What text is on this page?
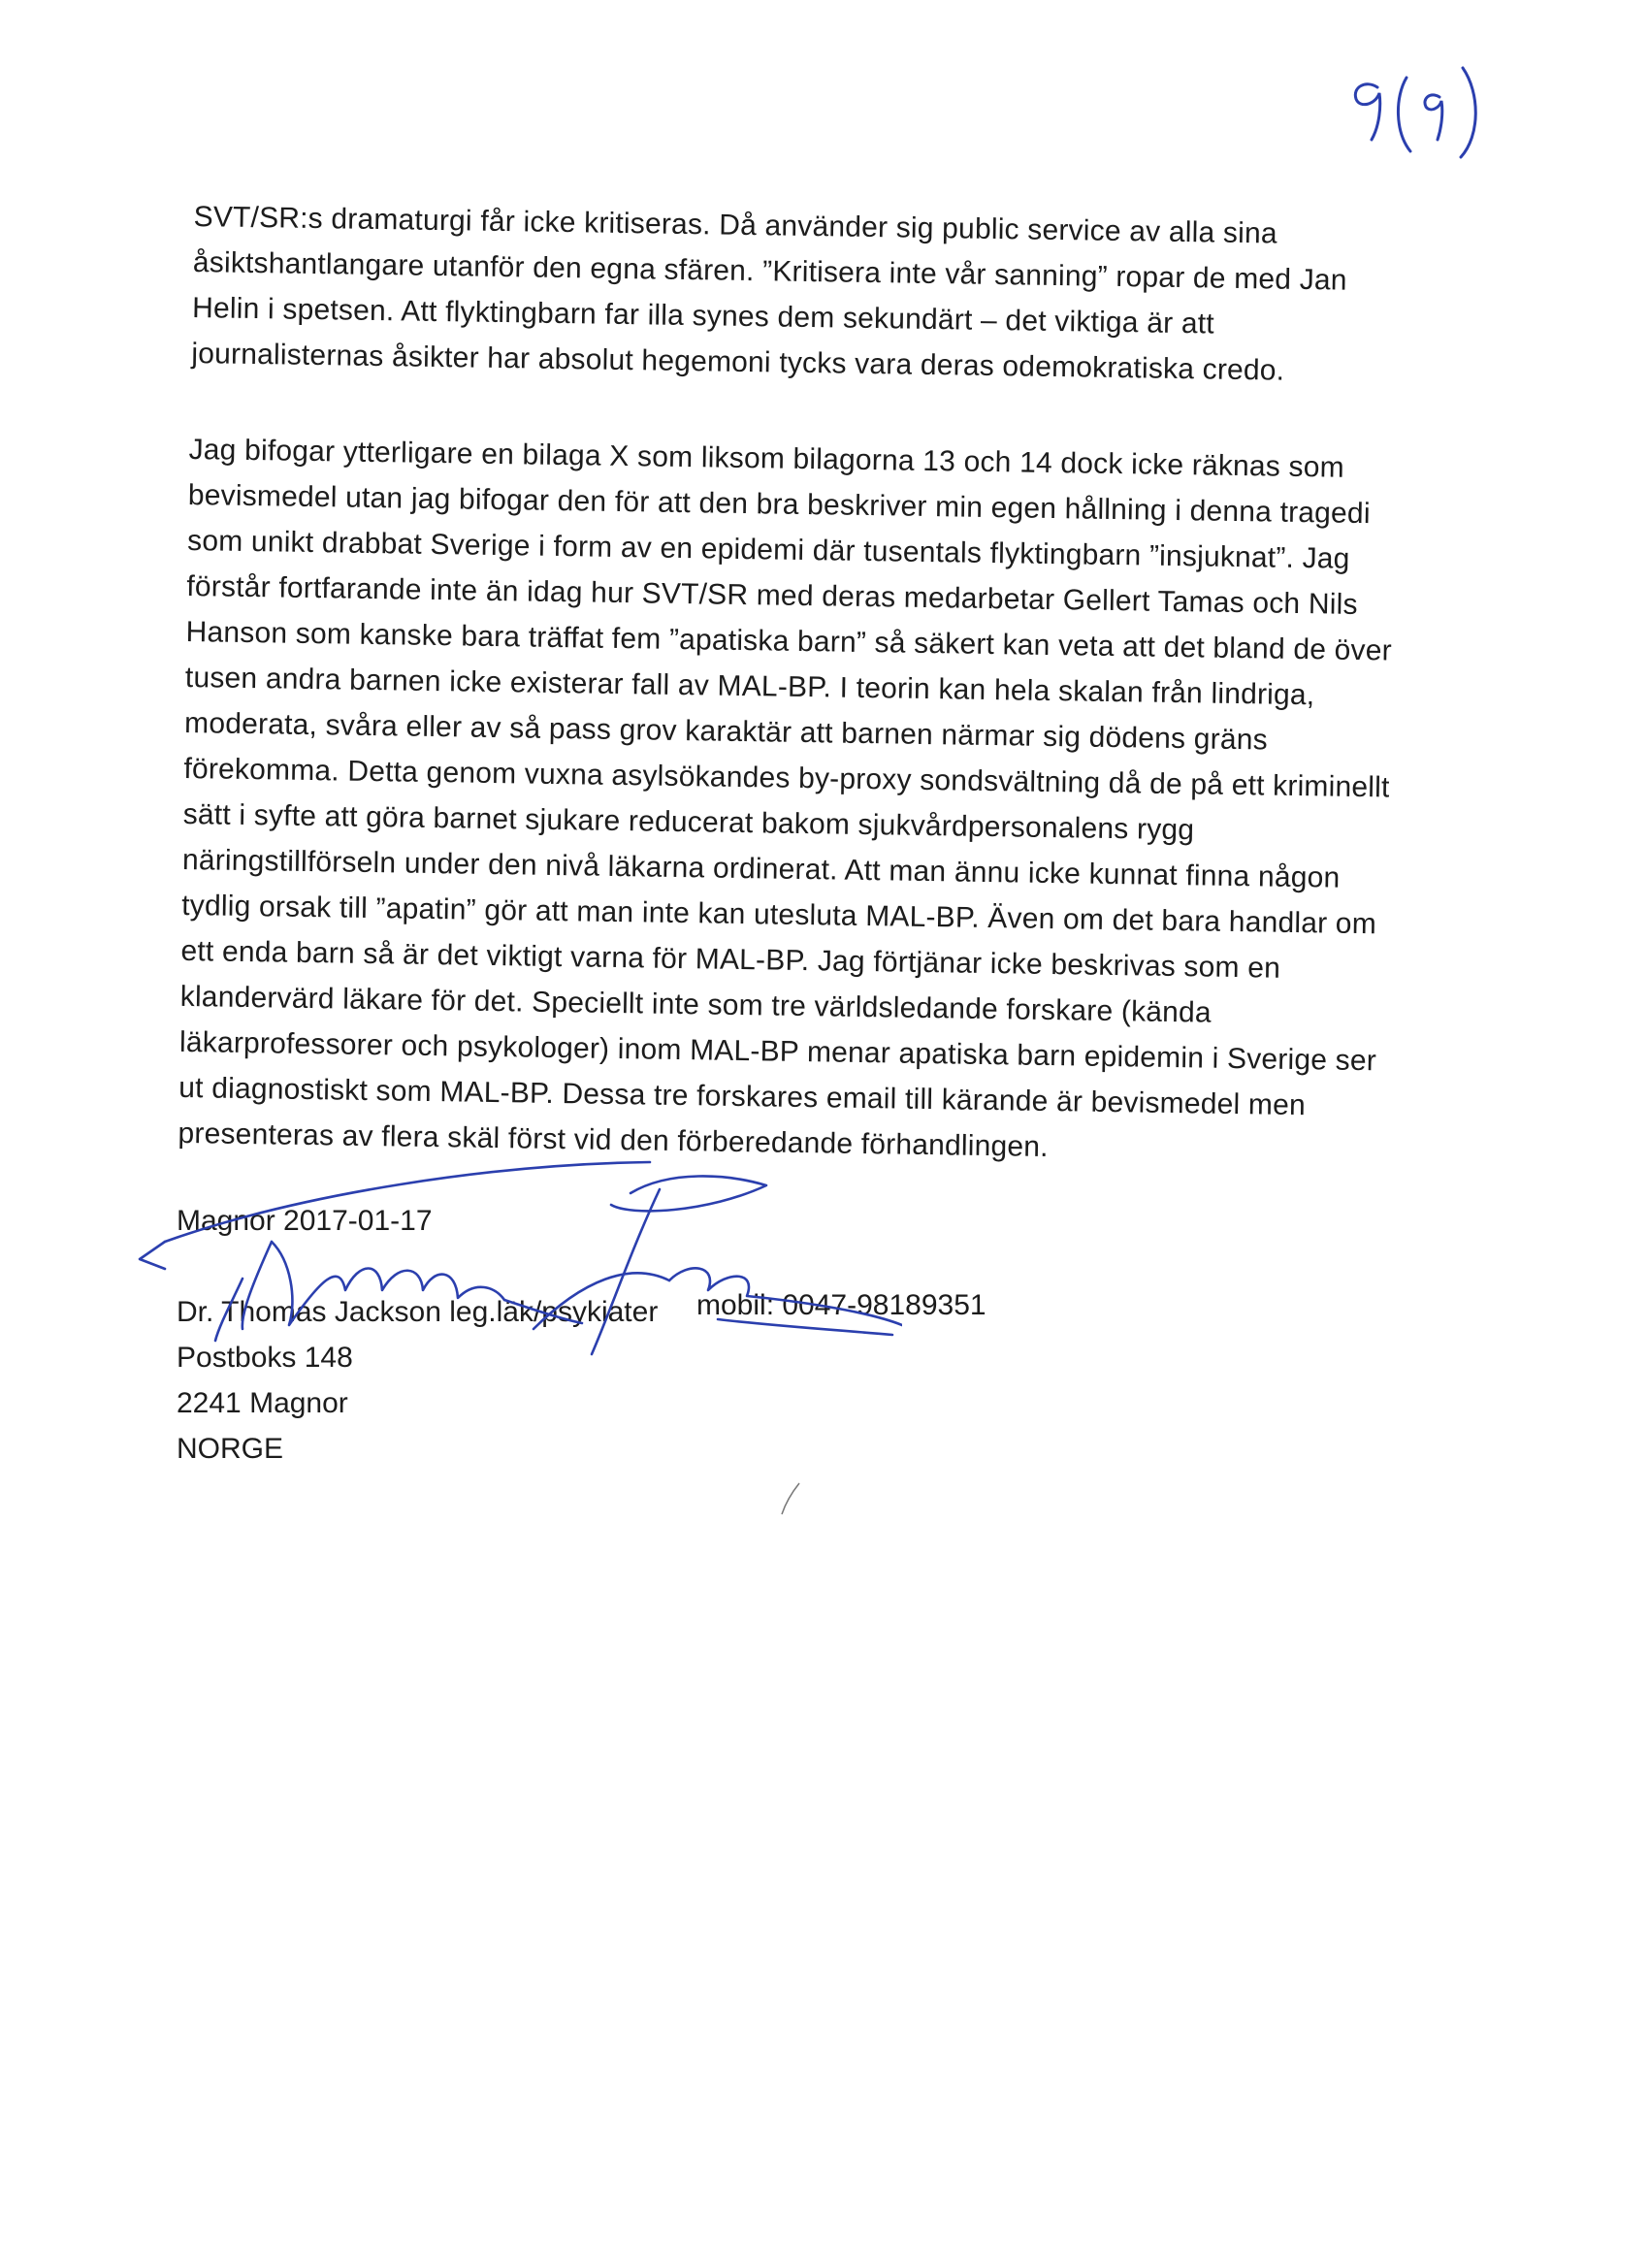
SVT/SR:s dramaturgi får icke kritiseras. Då använder sig public service av alla sina
åsiktshantlangare utanför den egna sfären. ”Kritisera inte vår sanning” ropar de med Jan
Helin i spetsen. Att flyktingbarn far illa synes dem sekundärt – det viktiga är att
journalisternas åsikter har absolut hegemoni tycks vara deras odemokratiska credo.
Jag bifogar ytterligare en bilaga X som liksom bilagorna 13 och 14 dock icke räknas som
bevismedel utan jag bifogar den för att den bra beskriver min egen hållning i denna tragedi
som unikt drabbat Sverige i form av en epidemi där tusentals flyktingbarn ”insjuknat”. Jag
förstår fortfarande inte än idag hur SVT/SR med deras medarbetar Gellert Tamas och Nils
Hanson som kanske bara träffat fem ”apatiska barn” så säkert kan veta att det bland de över
tusen andra barnen icke existerar fall av MAL-BP. I teorin kan hela skalan från lindriga,
moderata, svåra eller av så pass grov karaktär att barnen närmar sig dödens gräns
förekomma. Detta genom vuxna asylsökandes by-proxy sondsvältning då de på ett kriminellt
sätt i syfte att göra barnet sjukare reducerat bakom sjukvårdpersonalens rygg
näringstillförseln under den nivå läkarna ordinerat. Att man ännu icke kunnat finna någon
tydlig orsak till ”apatin” gör att man inte kan utesluta MAL-BP. Även om det bara handlar om
ett enda barn så är det viktigt varna för MAL-BP. Jag förtjänar icke beskrivas som en
klandervärd läkare för det. Speciellt inte som tre världsledande forskare (kända
läkarprofessorer och psykologer) inom MAL-BP menar apatiska barn epidemin i Sverige ser
ut diagnostiskt som MAL-BP. Dessa tre forskares email till kärande är bevismedel men
presenteras av flera skäl först vid den förberedande förhandlingen.
Magnor 2017-01-17

Dr. Thomas Jackson leg.läk/psykiater
Postboks 148
2241 Magnor
NORGE
mobil: 0047-98189351
